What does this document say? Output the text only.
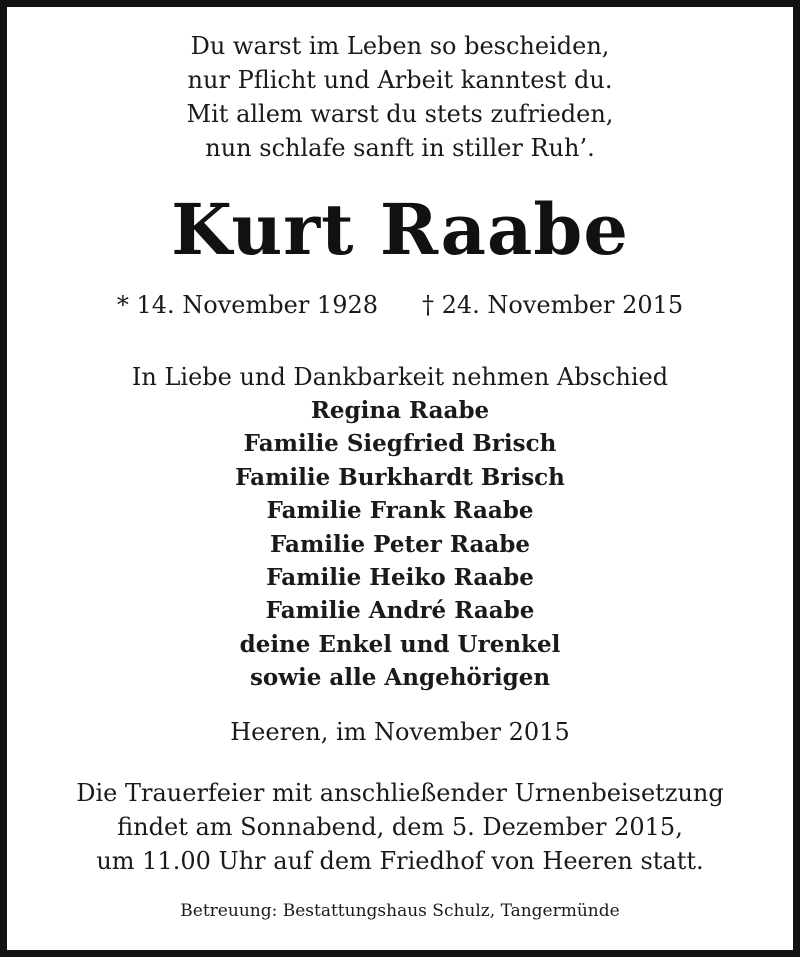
Du warst im Leben so bescheiden,
nur Pflicht und Arbeit kanntest du.
Mit allem warst du stets zufrieden,
nun schlafe sanft in stiller Ruh’.
Kurt Raabe
* 14. November 1928 † 24. November 2015
In Liebe und Dankbarkeit nehmen Abschied
Regina Raabe
Familie Siegfried Brisch
Familie Burkhardt Brisch
Familie Frank Raabe
Familie Peter Raabe
Familie Heiko Raabe
Familie André Raabe
deine Enkel und Urenkel
sowie alle Angehörigen
Heeren, im November 2015
Die Trauerfeier mit anschließender Urnenbeisetzung
findet am Sonnabend, dem 5. Dezember 2015,
um 11.00 Uhr auf dem Friedhof von Heeren statt.
Betreuung: Bestattungshaus Schulz, Tangermünde
